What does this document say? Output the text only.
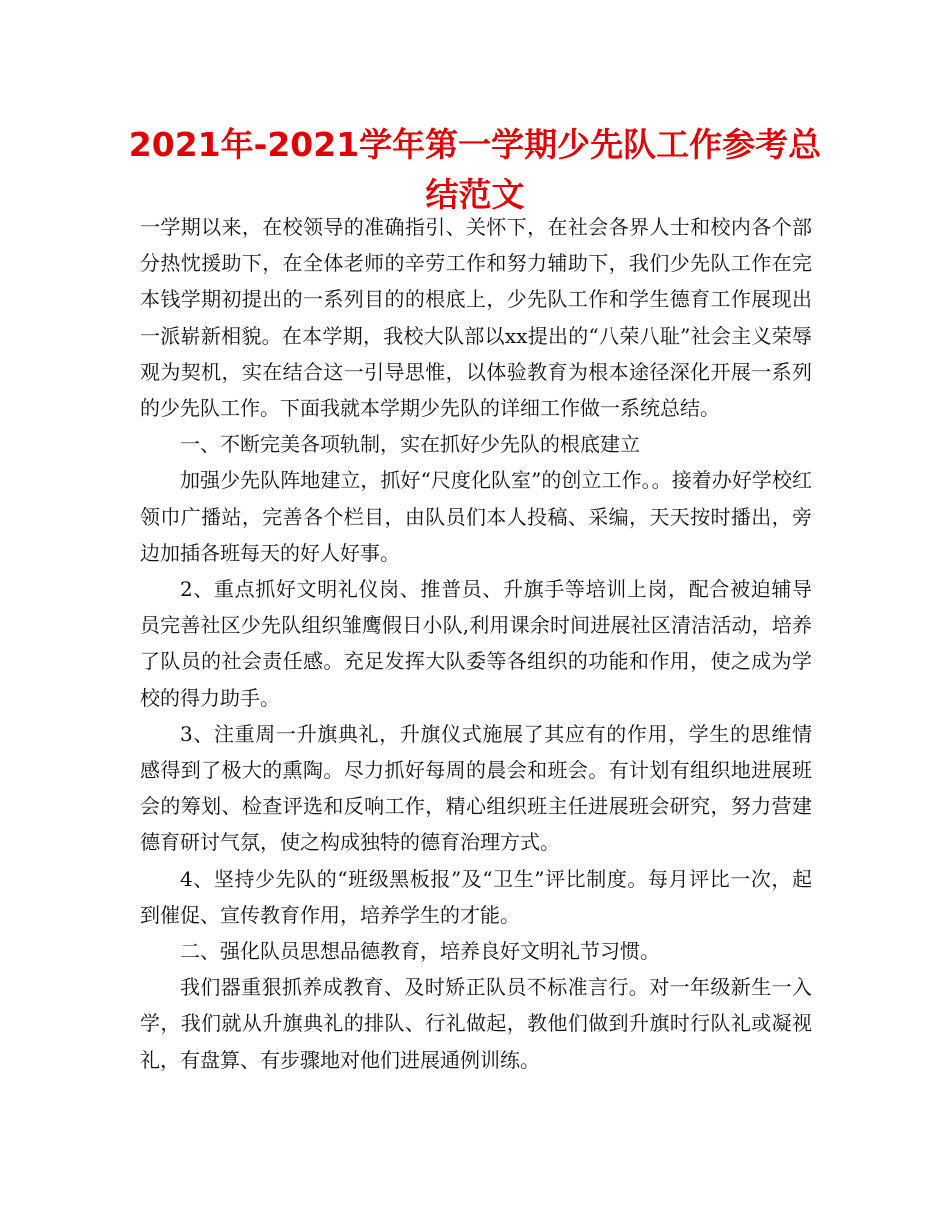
2021年-2021学年第一学期少先队工作参考总结范文

一学期以来，在校领导的准确指引、关怀下，在社会各界人士和校内各个部分热忱援助下，在全体老师的辛劳工作和努力辅助下，我们少先队工作在完本钱学期初提出的一系列目的的根底上，少先队工作和学生德育工作展现出一派崭新相貌。在本学期，我校大队部以xx提出的“八荣八耻”社会主义荣辱观为契机，实在结合这一引导思惟，以体验教育为根本途径深化开展一系列的少先队工作。下面我就本学期少先队的详细工作做一系统总结。

一、不断完美各项轨制，实在抓好少先队的根底建立

加强少先队阵地建立，抓好“尺度化队室”的创立工作。。接着办好学校红领巾广播站，完善各个栏目，由队员们本人投稿、采编，天天按时播出，旁边加插各班每天的好人好事。

2、重点抓好文明礼仪岗、推普员、升旗手等培训上岗，配合被迫辅导员完善社区少先队组织雏鹰假日小队,利用课余时间进展社区清洁活动，培养了队员的社会责任感。充足发挥大队委等各组织的功能和作用，使之成为学校的得力助手。

3、注重周一升旗典礼，升旗仪式施展了其应有的作用，学生的思维情感得到了极大的熏陶。尽力抓好每周的晨会和班会。有计划有组织地进展班会的筹划、检查评选和反响工作，精心组织班主任进展班会研究，努力营建德育研讨气氛，使之构成独特的德育治理方式。

4、坚持少先队的“班级黑板报”及“卫生”评比制度。每月评比一次，起到催促、宣传教育作用，培养学生的才能。

二、强化队员思想品德教育，培养良好文明礼节习惯。

我们器重狠抓养成教育、及时矫正队员不标准言行。对一年级新生一入学，我们就从升旗典礼的排队、行礼做起，教他们做到升旗时行队礼或凝视礼，有盘算、有步骤地对他们进展通例训练。
